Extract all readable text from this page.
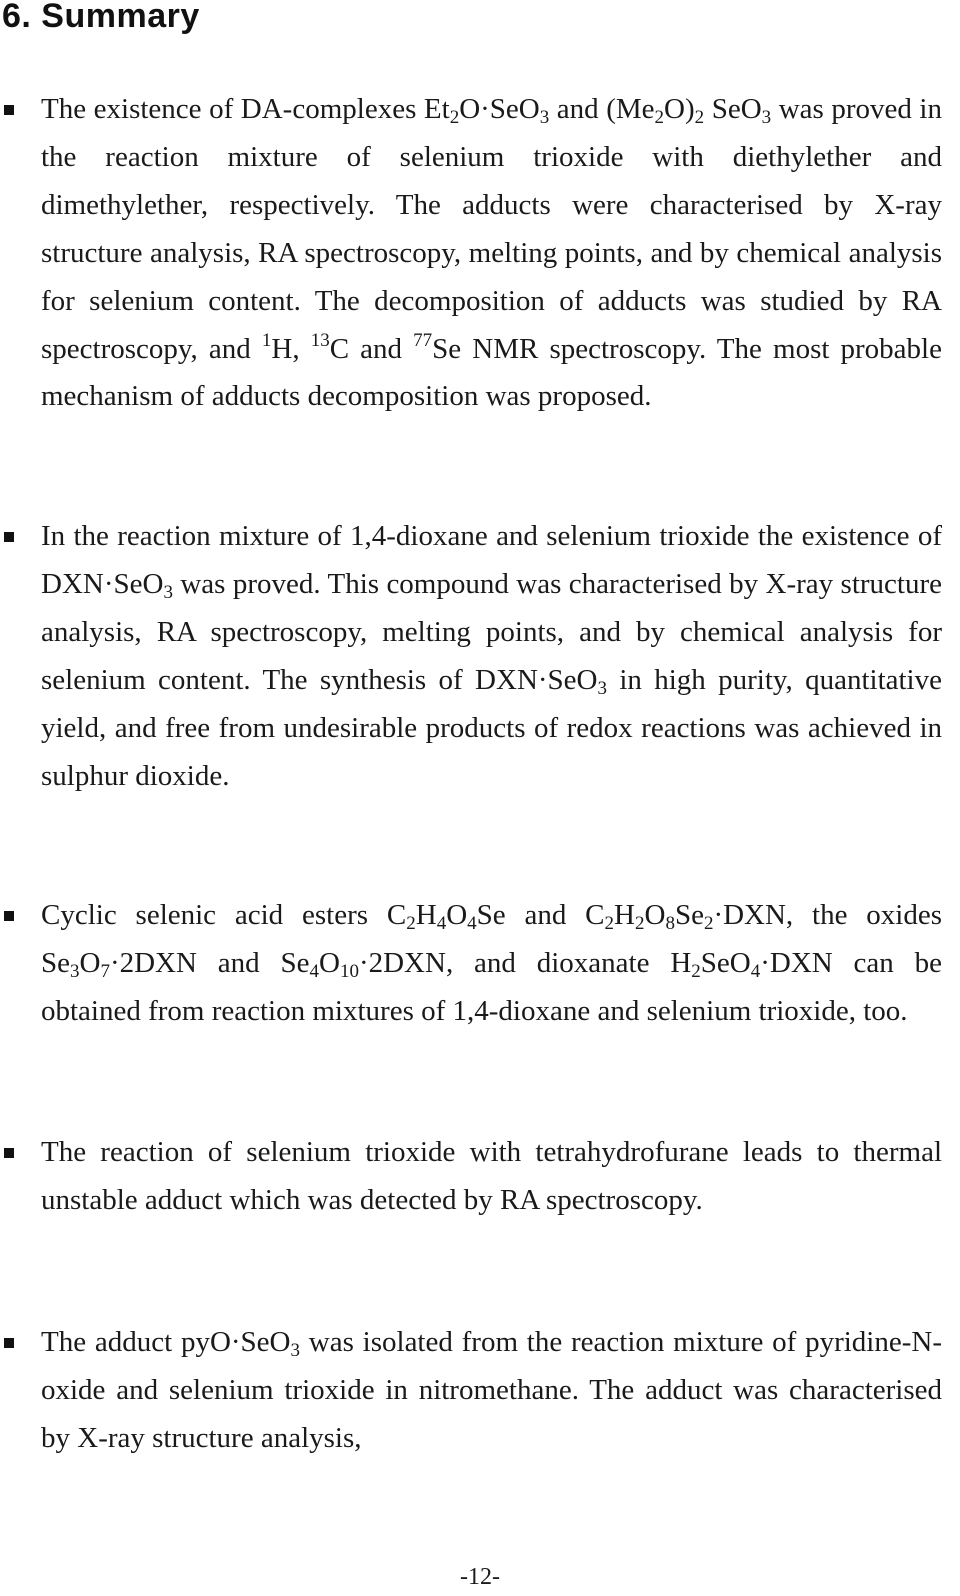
6. Summary

The existence of DA-complexes $Et_2O\cdot SeO_3$ and $(Me_2O)_2$ SeO$_3$ was proved in the reaction mixture of selenium trioxide with diethylether and dimethylether, respectively. The adducts were characterised by X-ray structure analysis, RA spectroscopy, melting points, and by chemical analysis for selenium content. The decomposition of adducts was studied by RA spectroscopy, and $^1$H, $^{13}$C and $^{77}$Se NMR spectroscopy. The most probable mechanism of adducts decomposition was proposed.

In the reaction mixture of 1,4-dioxane and selenium trioxide the existence of DXN·SeO$_3$ was proved. This compound was characterised by X-ray structure analysis, RA spectroscopy, melting points, and by chemical analysis for selenium content. The synthesis of DXN·SeO$_3$ in high purity, quantitative yield, and free from undesirable products of redox reactions was achieved in sulphur dioxide.

Cyclic selenic acid esters $C_2H_4O_4Se$ and $C_2H_2O_8Se_2\cdot DXN$, the oxides $Se_3O_7\cdot 2DXN$ and $Se_4O_{10}\cdot 2DXN$, and dioxanate $H_2SeO_4\cdot DXN$ can be obtained from reaction mixtures of 1,4-dioxane and selenium trioxide, too.

The reaction of selenium trioxide with tetrahydrofurane leads to thermal unstable adduct which was detected by RA spectroscopy.

The adduct pyO·SeO$_3$ was isolated from the reaction mixture of pyridine-N-oxide and selenium trioxide in nitromethane. The adduct was characterised by X-ray structure analysis,

-12-
